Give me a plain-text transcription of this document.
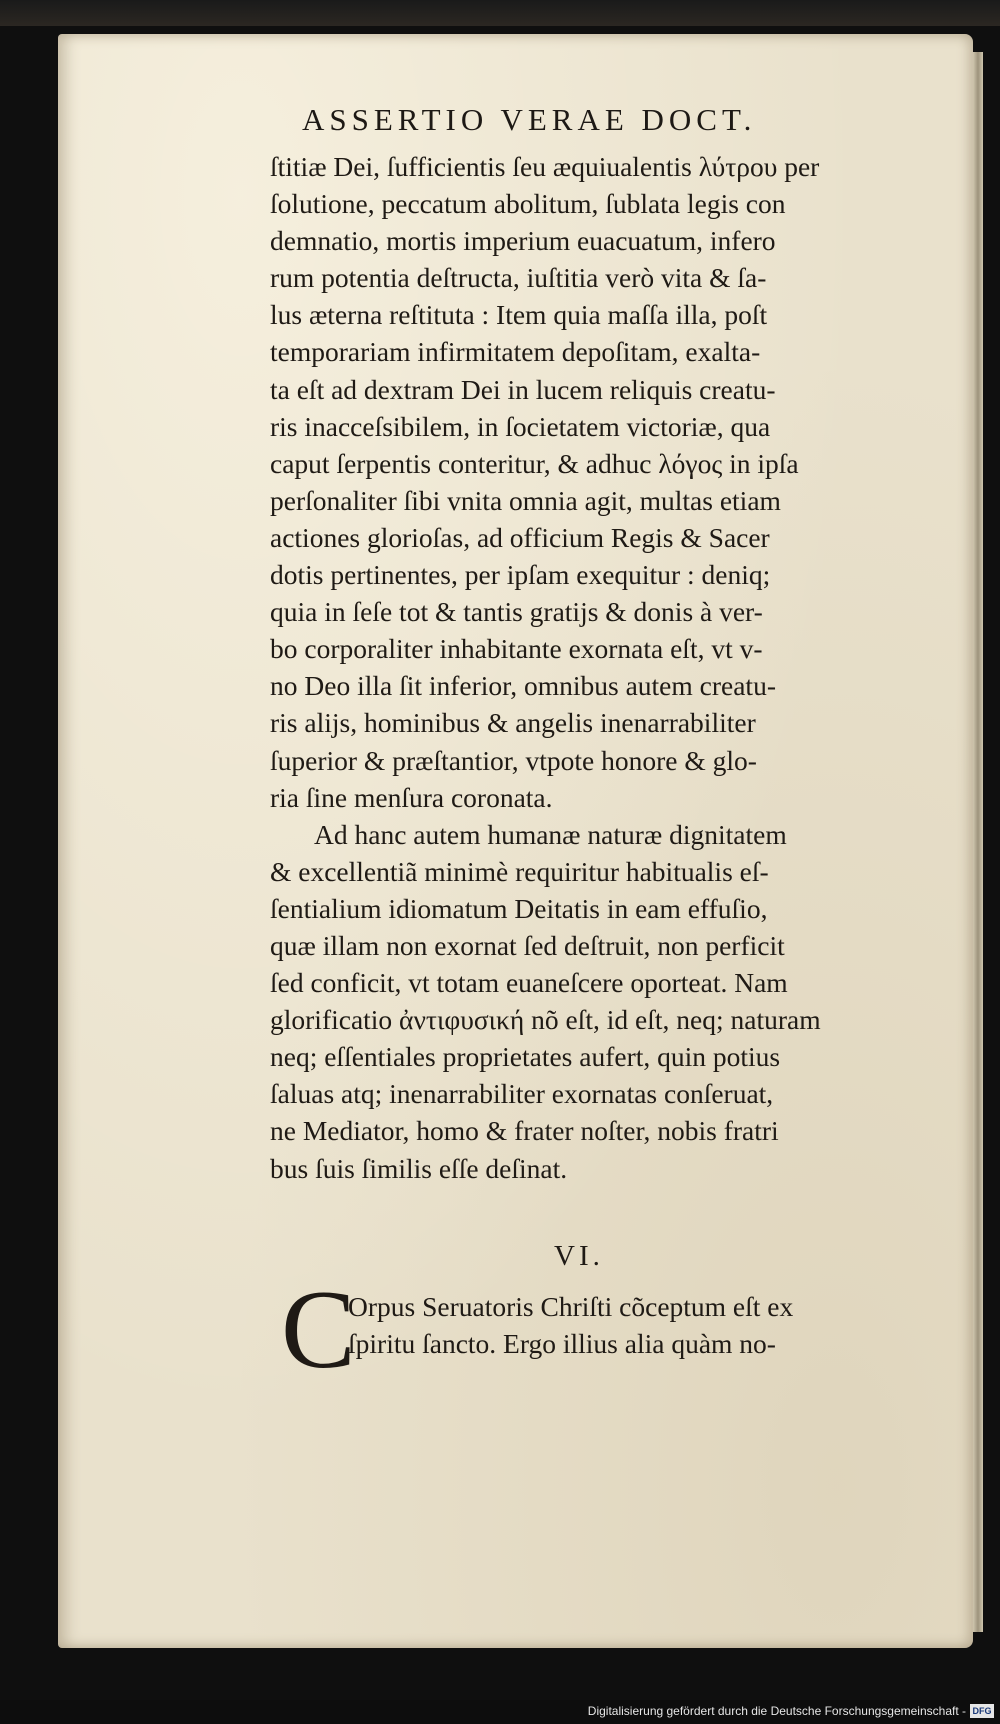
ASSERTIO VERAE DOCT.
ſtitiæ Dei, ſufficientis ſeu æquiualentis λύτρου per
ſolutione, peccatum abolitum, ſublata legis con
demnatio, mortis imperium euacuatum, infero
rum potentia deſtructa, iuſtitia verò vita & ſa-
lus æterna reſtituta : Item quia maſſa illa, poſt
temporariam infirmitatem depoſitam, exalta-
ta eſt ad dextram Dei in lucem reliquis creatu-
ris inacceſsibilem, in ſocietatem victoriæ, qua
caput ſerpentis conteritur, & adhuc λόγος in ipſa
perſonaliter ſibi vnita omnia agit, multas etiam
actiones glorioſas, ad officium Regis & Sacer
dotis pertinentes, per ipſam exequitur : deniq;
quia in ſeſe tot & tantis gratijs & donis à ver-
bo corporaliter inhabitante exornata eſt, vt v-
no Deo illa ſit inferior, omnibus autem creatu-
ris alijs, hominibus & angelis inenarrabiliter
ſuperior & præſtantior, vtpote honore & glo-
ria ſine menſura coronata.
Ad hanc autem humanæ naturæ dignitatem
& excellentiã minimè requiritur habitualis eſ-
ſentialium idiomatum Deitatis in eam effuſio,
quæ illam non exornat ſed deſtruit, non perficit
ſed conficit, vt totam euaneſcere oporteat. Nam
glorificatio ἀντιφυσική nõ eſt, id eſt, neq; naturam
neq; eſſentiales proprietates aufert, quin potius
ſaluas atq; inenarrabiliter exornatas conſeruat,
ne Mediator, homo & frater noſter, nobis fratri
bus ſuis ſimilis eſſe deſinat.
VI.
C
Orpus Seruatoris Chriſti cõceptum eſt ex
ſpiritu ſancto. Ergo illius alia quàm no-
Digitalisierung gefördert durch die Deutsche Forschungsgemeinschaft - DFG
